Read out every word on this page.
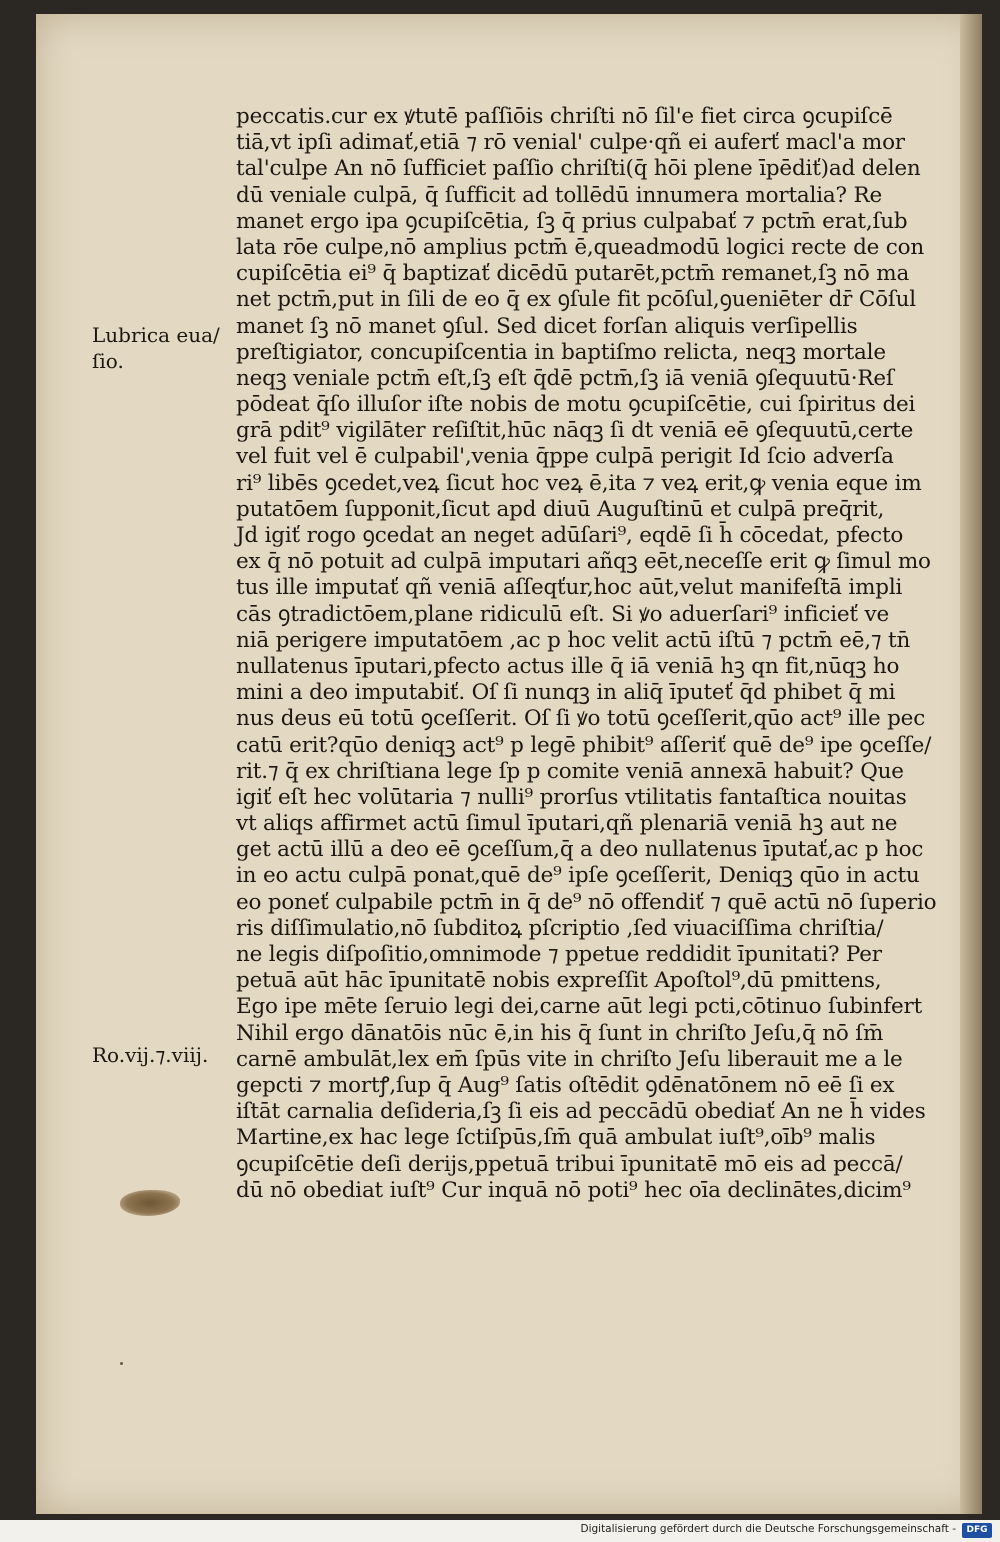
peccatis.cur ex ꝟtutē paſſiōis chriſti nō ſil'e fiet circa ꝯcupiſcē
tiā,vt ipſi adimať,etiā ⁊ rō venial' culpe·qñ ei auferť macl'a mor
tal'culpe An nō ſufficiet paſſio chriſti(q̄ hōi plene īpēdiť)ad delen
dū veniale culpā, q̄ ſufficit ad tollēdū innumera mortalia? Re
manet ergo ipa ꝯcupiſcētia, ſꝫ q̄ prius culpabať ⁊ pctm̄ erat,ſub
lata rōe culpe,nō amplius pctm̄ ē,queadmodū logici recte de con
cupiſcētia ei⁹ q̄ baptizať dicēdū putarēt,pctm̄ remanet,ſꝫ nō ma
net pctm̄,put in ſili de eo q̄ ex ꝯſule fit pcōſul,ꝯueniēter dr̄ Cōſul
manet ſꝫ nō manet ꝯſul. Sed dicet forſan aliquis verſipellis
preſtigiator, concupiſcentia in baptiſmo relicta, neqꝫ mortale
neqꝫ veniale pctm̄ eſt,ſꝫ eſt q̄dē pctm̄,ſꝫ iā veniā ꝯſequutū·Reſ
pōdeat q̄ſo illuſor iſte nobis de motu ꝯcupiſcētie, cui ſpiritus dei
grā pdit⁹ vigilāter reſiſtit,hūc nāqꝫ ſi dt veniā eē ꝯſequutū,certe
vel fuit vel ē culpabil',venia q̄ppe culpā perigit Id ſcio adverſa
ri⁹ libēs ꝯcedet,veꝝ ſicut hoc veꝝ ē,ita ⁊ veꝝ erit,ꝙ venia eque im
putatōem ſupponit,ſicut apd diuū Auguſtinū et culpā preq̄rit,
Jd igiť rogo ꝯcedat an neget adūſari⁹, eqdē ſi h̄ cōcedat, pfecto
ex q̄ nō potuit ad culpā imputari añqꝫ eēt,neceſſe erit ꝙ ſimul mo
tus ille imputať qñ veniā aſſeqťur,hoc aūt,velut manifeſtā impli
cās ꝯtradictōem,plane ridiculū eſt. Si ꝟo aduerſari⁹ inficieť ve
niā perigere imputatōem ,ac p hoc velit actū iſtū ⁊ pctm̄ eē,⁊ tn̄
nullatenus īputari,pfecto actus ille q̄ iā veniā hꝫ qn fit,nūqꝫ ho
mini a deo imputabiť. Oſ ſi nunqꝫ in aliq̄ īputeť q̄d phibet q̄ mi
nus deus eū totū ꝯceſſerit. Oſ ſi ꝟo totū ꝯceſſerit,qūo act⁹ ille pec
catū erit?qūo deniqꝫ act⁹ p legē phibit⁹ aſſeriť quē de⁹ ipe ꝯceſſe/
rit.⁊ q̄ ex chriſtiana lege ſp p comite veniā annexā habuit? Que
igiť eſt hec volūtaria ⁊ nulli⁹ prorſus vtilitatis fantaſtica nouitas
vt aliqs affirmet actū ſimul īputari,qñ plenariā veniā hꝫ aut ne
get actū illū a deo eē ꝯceſſum,q̄ a deo nullatenus īputať,ac p hoc
in eo actu culpā ponat,quē de⁹ ipſe ꝯceſſerit, Deniqꝫ qūo in actu
eo poneť culpabile pctm̄ in q̄ de⁹ nō offendiť ⁊ quē actū nō ſuperio
ris diſſimulatio,nō ſubditoꝝ pſcriptio ,ſed viuaciſſima chriſtia/
ne legis diſpoſitio,omnimode ⁊ ppetue reddidit īpunitati? Per
petuā aūt hāc īpunitatē nobis expreſſit Apoſtol⁹,dū pmittens,
Ego ipe mēte ſeruio legi dei,carne aūt legi pcti,cōtinuo ſubinfert
Nihil ergo dānatōis nūc ē,in his q̄ ſunt in chriſto Jeſu,q̄ nō ſm̄
carnē ambulāt,lex em̄ ſpūs vite in chriſto Jeſu liberauit me a le
gepcti ⁊ mortꝭ,ſup q̄ Aug⁹ ſatis oſtēdit ꝯdēnatōnem nō eē ſi ex
iſtāt carnalia deſideria,ſꝫ ſi eis ad peccādū obediať An ne h̄ vides
Martine,ex hac lege ſctiſpūs,ſm̄ quā ambulat iuſt⁹,oīb⁹ malis
ꝯcupiſcētie deſi derijs,ppetuā tribui īpunitatē mō eis ad peccā/
dū nō obediat iuſt⁹ Cur inquā nō poti⁹ hec oīa declinātes,dicim⁹
Lubrica eua/
ſio.
Ro.vij.⁊.viij.
Digitalisierung gefördert durch die Deutsche Forschungsgemeinschaft -	DFG
